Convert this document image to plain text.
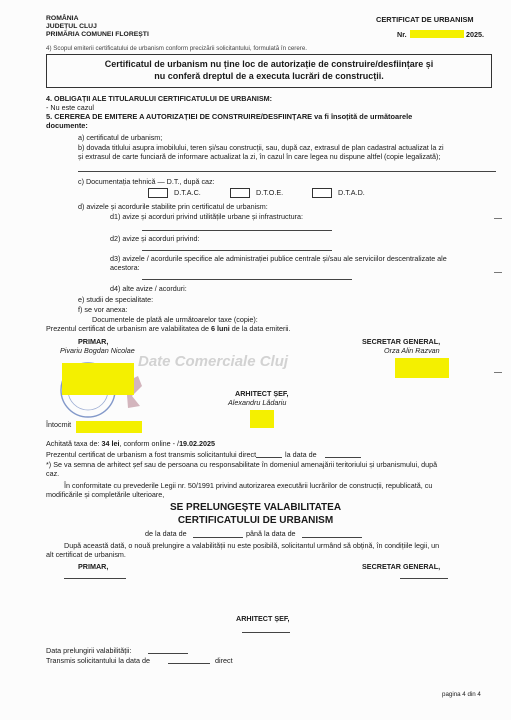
ROMÂNIA
JUDEȚUL CLUJ
PRIMĂRIA COMUNEI FLOREȘTI
CERTIFICAT DE URBANISM
Nr.	2025.
4) Scopul emiterii certificatului de urbanism conform precizării solicitantului, formulată în cerere.
Certificatul de urbanism nu ține loc de autorizație de construire/desființare și nu conferă dreptul de a executa lucrări de construcții.
4. OBLIGAȚII ALE TITULARULUI CERTIFICATULUI DE URBANISM:
- Nu este cazul
5. CEREREA DE EMITERE A AUTORIZAȚIEI DE CONSTRUIRE/DESFIINȚARE va fi însoțită de următoarele
documente:
a) certificatul de urbanism;
b) dovada titlului asupra imobilului, teren și/sau construcții, sau, după caz, extrasul de plan cadastral actualizat la zi
și extrasul de carte funciară de informare actualizat la zi, în cazul în care legea nu dispune altfel (copie legalizată);
c) Documentația tehnică — D.T., după caz:
D.T.A.C.	D.T.O.E.	D.T.A.D.
d) avizele și acordurile stabilite prin certificatul de urbanism:
d1) avize și acorduri privind utilitățile urbane și infrastructura:
d2) avize și acorduri privind:
d3) avizele / acordurile specifice ale administrației publice centrale și/sau ale serviciilor descentralizate ale
acestora:
d4) alte avize / acorduri:
e) studii de specialitate:
f) se vor anexa:
Documentele de plată ale următoarelor taxe (copie):
Prezentul certificat de urbanism are valabilitatea de 6 luni de la data emiterii.
PRIMAR,
Pivariu Bogdan Nicolae
SECRETAR GENERAL,
Orza Alin Razvan
Date Comerciale Cluj
ARHITECT ȘEF,
Alexandru Lădariu
Întocmit
Achitată taxa de: 34 lei, conform online - /19.02.2025
Prezentul certificat de urbanism a fost transmis solicitantului direct	la data de
*) Se va semna de arhitect șef sau de persoana cu responsabilitate în domeniul amenajării teritoriului și urbanismului, după
caz.
În conformitate cu prevederile Legii nr. 50/1991 privind autorizarea executării lucrărilor de construcții, republicată, cu
modificările și completările ulterioare,
SE PRELUNGEȘTE VALABILITATEA
CERTIFICATULUI DE URBANISM
de la data de	până la data de
După această dată, o nouă prelungire a valabilității nu este posibilă, solicitantul urmând să obțină, în condițiile legii, un
alt certificat de urbanism.
PRIMAR,	SECRETAR GENERAL,
ARHITECT ȘEF,
Data prelungirii valabilității:
Transmis solicitantului la data de	direct
pagina 4 din 4
